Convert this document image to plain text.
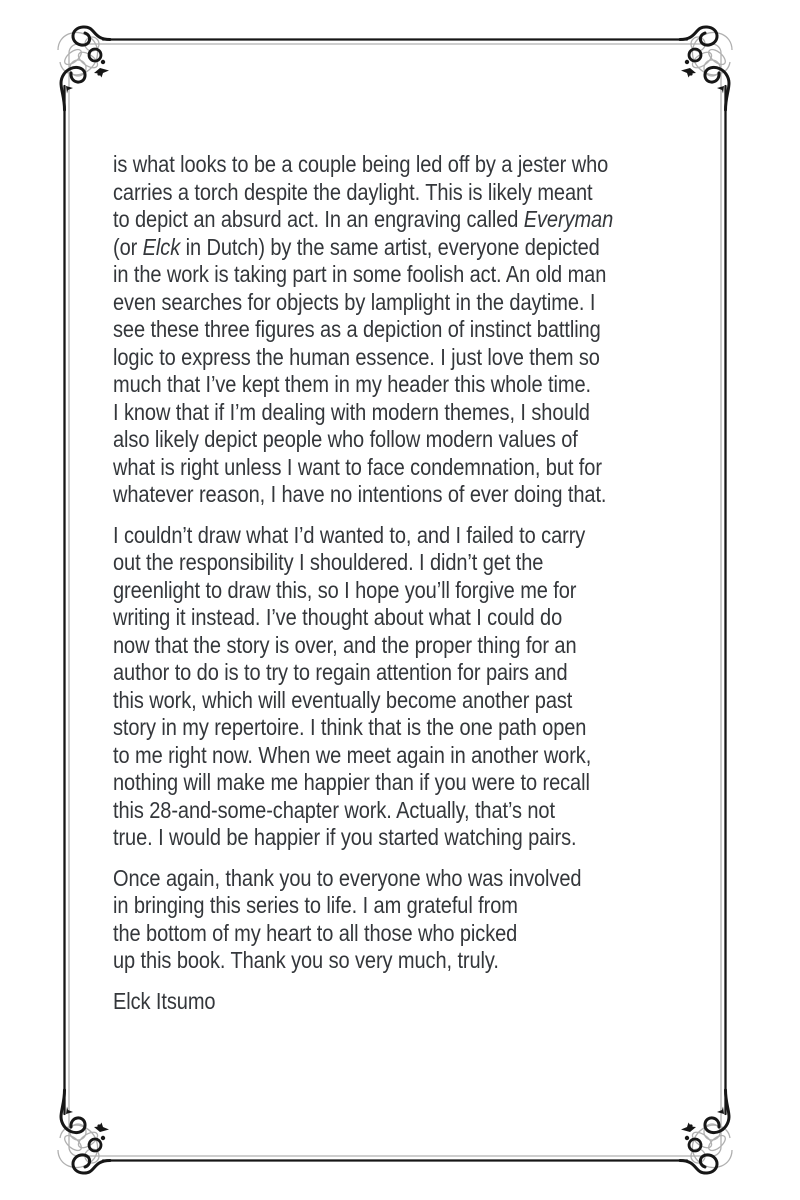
is what looks to be a couple being led off by a jester who
carries a torch despite the daylight. This is likely meant
to depict an absurd act. In an engraving called Everyman
(or Elck in Dutch) by the same artist, everyone depicted
in the work is taking part in some foolish act. An old man
even searches for objects by lamplight in the daytime. I
see these three figures as a depiction of instinct battling
logic to express the human essence. I just love them so
much that I’ve kept them in my header this whole time.
I know that if I’m dealing with modern themes, I should
also likely depict people who follow modern values of
what is right unless I want to face condemnation, but for
whatever reason, I have no intentions of ever doing that.
I couldn’t draw what I’d wanted to, and I failed to carry
out the responsibility I shouldered. I didn’t get the
greenlight to draw this, so I hope you’ll forgive me for
writing it instead. I’ve thought about what I could do
now that the story is over, and the proper thing for an
author to do is to try to regain attention for pairs and
this work, which will eventually become another past
story in my repertoire. I think that is the one path open
to me right now. When we meet again in another work,
nothing will make me happier than if you were to recall
this 28-and-some-chapter work. Actually, that’s not
true. I would be happier if you started watching pairs.
Once again, thank you to everyone who was involved
in bringing this series to life. I am grateful from
the bottom of my heart to all those who picked
up this book. Thank you so very much, truly.
Elck Itsumo
